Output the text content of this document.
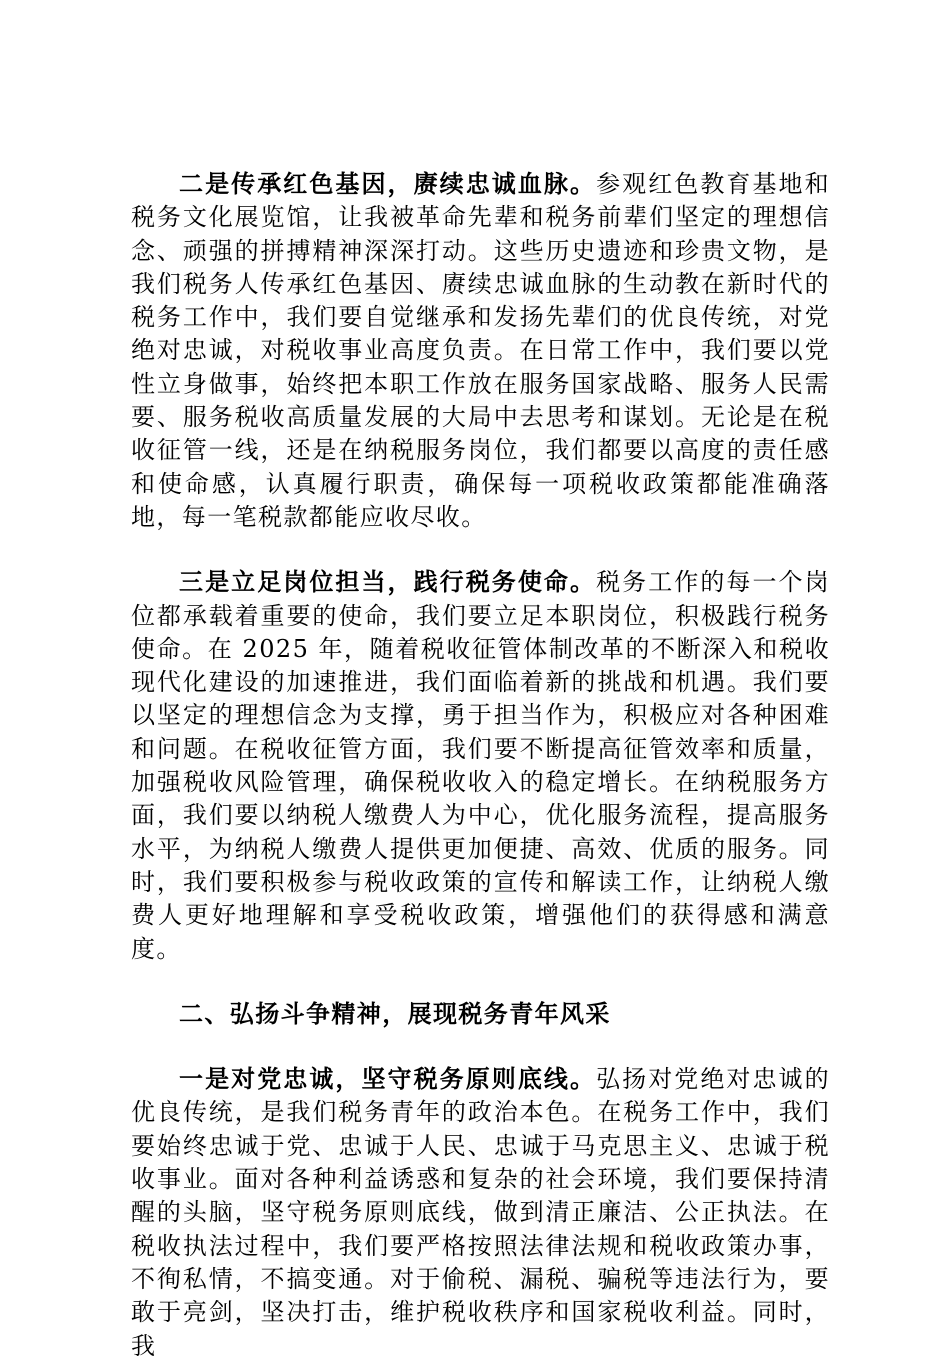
二是传承红色基因，赓续忠诚血脉。参观红色教育基地和税务文化展览馆，让我被革命先辈和税务前辈们坚定的理想信念、顽强的拼搏精神深深打动。这些历史遗迹和珍贵文物，是我们税务人传承红色基因、赓续忠诚血脉的生动教在新时代的税务工作中，我们要自觉继承和发扬先辈们的优良传统，对党绝对忠诚，对税收事业高度负责。在日常工作中，我们要以党性立身做事，始终把本职工作放在服务国家战略、服务人民需要、服务税收高质量发展的大局中去思考和谋划。无论是在税收征管一线，还是在纳税服务岗位，我们都要以高度的责任感和使命感，认真履行职责，确保每一项税收政策都能准确落地，每一笔税款都能应收尽收。

三是立足岗位担当，践行税务使命。税务工作的每一个岗位都承载着重要的使命，我们要立足本职岗位，积极践行税务使命。在 2025 年，随着税收征管体制改革的不断深入和税收现代化建设的加速推进，我们面临着新的挑战和机遇。我们要以坚定的理想信念为支撑，勇于担当作为，积极应对各种困难和问题。在税收征管方面，我们要不断提高征管效率和质量，加强税收风险管理，确保税收收入的稳定增长。在纳税服务方面，我们要以纳税人缴费人为中心，优化服务流程，提高服务水平，为纳税人缴费人提供更加便捷、高效、优质的服务。同时，我们要积极参与税收政策的宣传和解读工作，让纳税人缴费人更好地理解和享受税收政策，增强他们的获得感和满意度。

二、弘扬斗争精神，展现税务青年风采

一是对党忠诚，坚守税务原则底线。弘扬对党绝对忠诚的优良传统，是我们税务青年的政治本色。在税务工作中，我们要始终忠诚于党、忠诚于人民、忠诚于马克思主义、忠诚于税收事业。面对各种利益诱惑和复杂的社会环境，我们要保持清醒的头脑，坚守税务原则底线，做到清正廉洁、公正执法。在税收执法过程中，我们要严格按照法律法规和税收政策办事，不徇私情，不搞变通。对于偷税、漏税、骗税等违法行为，要敢于亮剑，坚决打击，维护税收秩序和国家税收利益。同时，我
